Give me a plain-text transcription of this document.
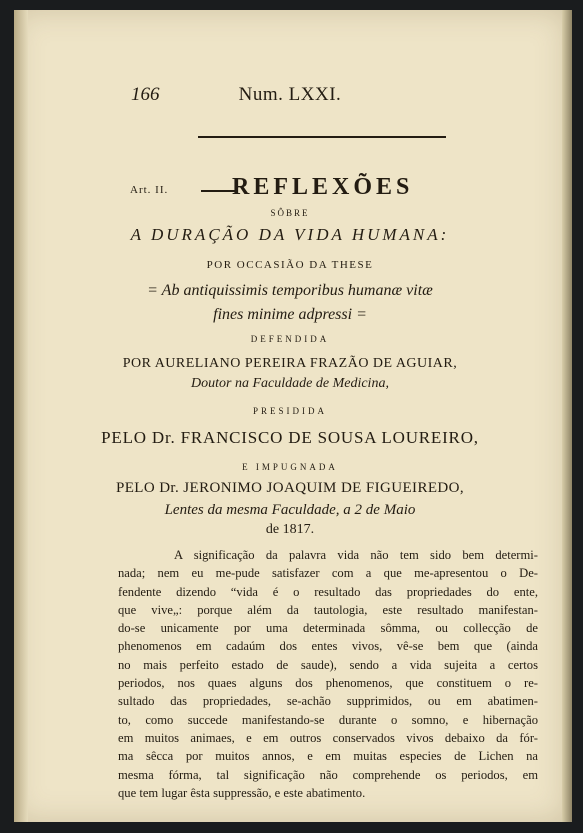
166	Num. LXXI.
Art. II.	REFLEXÕES
SÔBRE
A DURAÇÃO DA VIDA HUMANA:
POR OCCASIÃO DA THESE
= Ab antiquissimis temporibus humanæ vitæ
fines minime adpressi =
DEFENDIDA
POR AURELIANO PEREIRA FRAZÃO DE AGUIAR,
Doutor na Faculdade de Medicina,
PRESIDIDA
PELO Dr. FRANCISCO DE SOUSA LOUREIRO,
E IMPUGNADA
PELO Dr. JERONIMO JOAQUIM DE FIGUEIREDO,
Lentes da mesma Faculdade, a 2 de Maio
de 1817.
A significação da palavra vida não tem sido bem determi-
nada; nem eu me-pude satisfazer com a que me-apresentou o De-
fendente dizendo “vida é o resultado das propriedades do ente,
que vive„: porque além da tautologia, este resultado manifestan-
do-se unicamente por uma determinada sômma, ou collecção de
phenomenos em cadaúm dos entes vivos, vê-se bem que (ainda
no mais perfeito estado de saude), sendo a vida sujeita a certos
periodos, nos quaes alguns dos phenomenos, que constituem o re-
sultado das propriedades, se-achão supprimidos, ou em abatimen-
to, como succede manifestando-se durante o somno, e hibernação
em muitos animaes, e em outros conservados vivos debaixo da fór-
ma sêcca por muitos annos, e em muitas especies de Lichen na
mesma fórma, tal significação não comprehende os periodos, em
que tem lugar êsta suppressão, e este abatimento.
